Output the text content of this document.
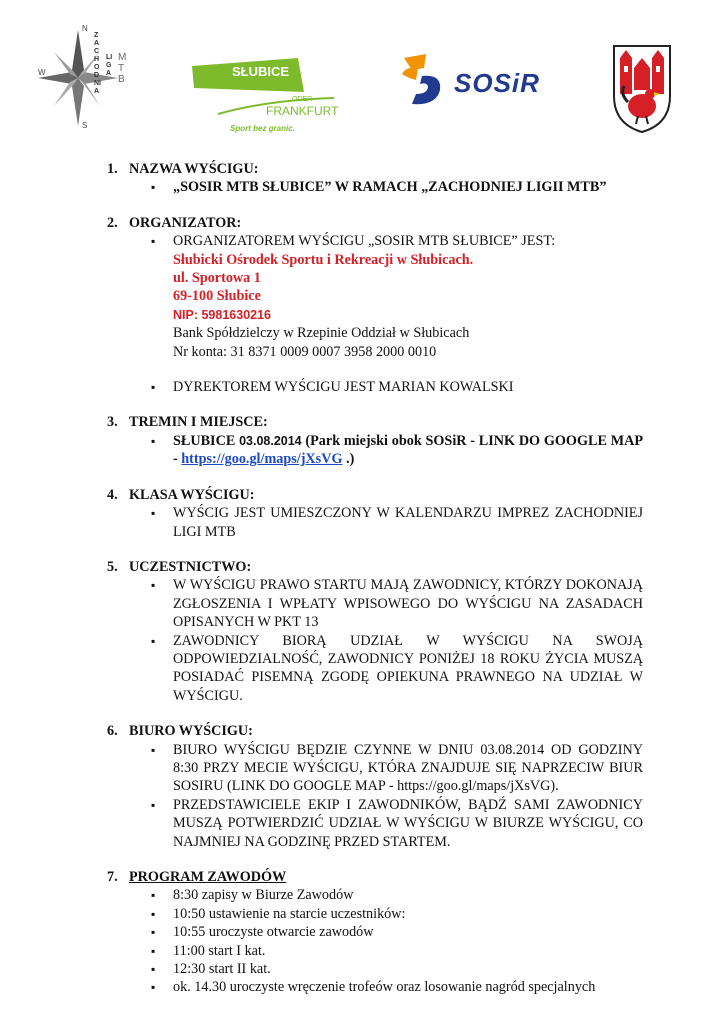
N
S
W
ZACHODNIA
LIGA
MTB
SŁUBICE
ODER
FRANKFURT
Sport bez granic.
SOSiR
1. NAZWA WYŚCIGU:
▪ „SOSIR MTB SŁUBICE” W RAMACH „ZACHODNIEJ LIGII MTB”
2. ORGANIZATOR:
▪ ORGANIZATOREM WYŚCIGU „SOSIR MTB SŁUBICE” JEST:
Słubicki Ośrodek Sportu i Rekreacji w Słubicach.
ul. Sportowa 1
69-100 Słubice
NIP: 5981630216
Bank Spółdzielczy w Rzepinie Oddział w Słubicach
Nr konta: 31 8371 0009 0007 3958 2000 0010
▪ DYREKTOREM WYŚCIGU JEST MARIAN KOWALSKI
3. TREMIN I MIEJSCE:
▪ SŁUBICE 03.08.2014 (Park miejski obok SOSiR - LINK DO GOOGLE MAP - https://goo.gl/maps/jXsVG .)
4. KLASA WYŚCIGU:
▪ WYŚCIG JEST UMIESZCZONY W KALENDARZU IMPREZ ZACHODNIEJ LIGI MTB
5. UCZESTNICTWO:
▪ W WYŚCIGU PRAWO STARTU MAJĄ ZAWODNICY, KTÓRZY DOKONAJĄ ZGŁOSZENIA I WPŁATY WPISOWEGO DO WYŚCIGU NA ZASADACH OPISANYCH W PKT 13
▪ ZAWODNICY BIORĄ UDZIAŁ W WYŚCIGU NA SWOJĄ ODPOWIEDZIALNOŚĆ, ZAWODNICY PONIŻEJ 18 ROKU ŻYCIA MUSZĄ POSIADAĆ PISEMNĄ ZGODĘ OPIEKUNA PRAWNEGO NA UDZIAŁ W WYŚCIGU.
6. BIURO WYŚCIGU:
▪ BIURO WYŚCIGU BĘDZIE CZYNNE W DNIU 03.08.2014 OD GODZINY 8:30 PRZY MECIE WYŚCIGU, KTÓRA ZNAJDUJE SIĘ NAPRZECIW BIUR SOSIRU (LINK DO GOOGLE MAP - https://goo.gl/maps/jXsVG).
▪ PRZEDSTAWICIELE EKIP I ZAWODNIKÓW, BĄDŹ SAMI ZAWODNICY MUSZĄ POTWIERDZIĆ UDZIAŁ W WYŚCIGU W BIURZE WYŚCIGU, CO NAJMNIEJ NA GODZINĘ PRZED STARTEM.
7. PROGRAM ZAWODÓW
▪ 8:30 zapisy w Biurze Zawodów
▪ 10:50 ustawienie na starcie uczestników:
▪ 10:55 uroczyste otwarcie zawodów
▪ 11:00 start I kat.
▪ 12:30 start II kat.
▪ ok. 14.30 uroczyste wręczenie trofeów oraz losowanie nagród specjalnych
